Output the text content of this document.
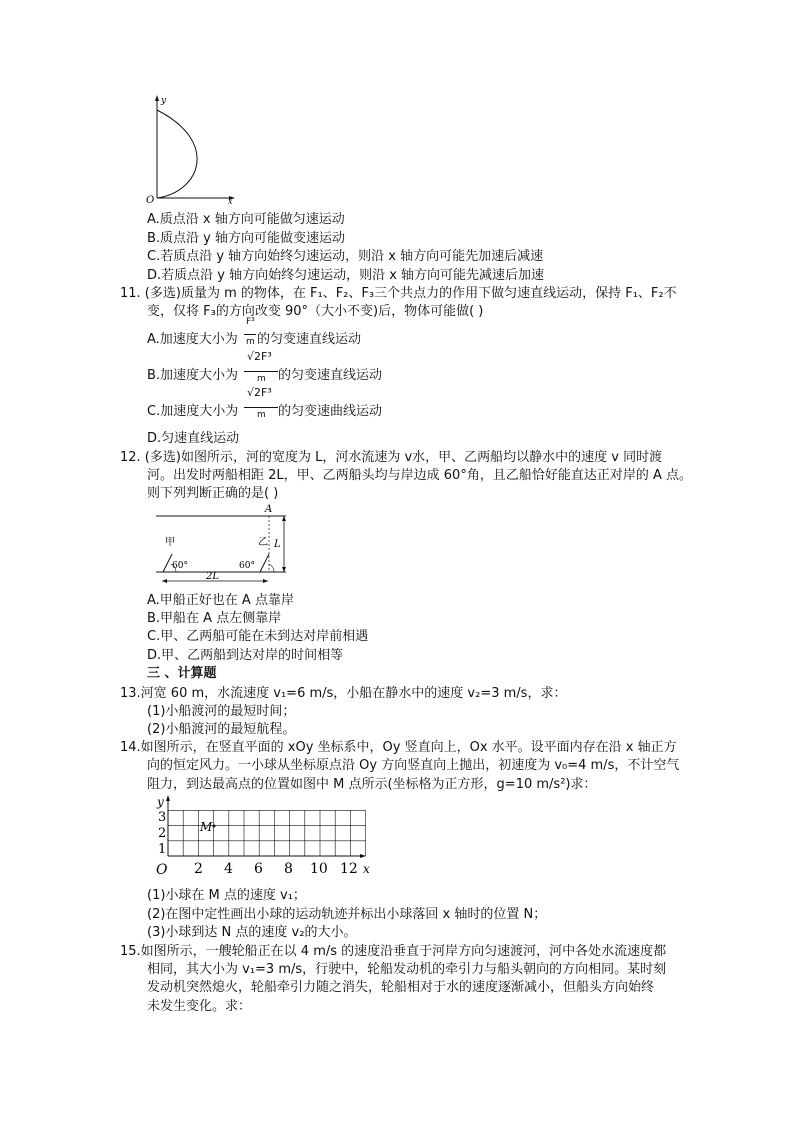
y
x
O
A.质点沿 x 轴方向可能做匀速运动
B.质点沿 y 轴方向可能做变速运动
C.若质点沿 y 轴方向始终匀速运动，则沿 x 轴方向可能先加速后减速
D.若质点沿 y 轴方向始终匀速运动，则沿 x 轴方向可能先减速后加速
11. (多选)质量为 m 的物体，在 F₁、F₂、F₃三个共点力的作用下做匀速直线运动，保持 F₁、F₂不
变，仅将 F₃的方向改变 90°（大小不变)后，物体可能做( )
A.加速度大小为
F³
m 的匀变速直线运动
B.加速度大小为
√2F³
m 的匀变速直线运动
C.加速度大小为
√2F³
m 的匀变速曲线运动
D.匀速直线运动
12. (多选)如图所示，河的宽度为 L，河水流速为 v水，甲、乙两船均以静水中的速度 v 同时渡
河。出发时两船相距 2L，甲、乙两船头均与岸边成 60°角，且乙船恰好能直达正对岸的 A 点。
则下列判断正确的是( )
A
甲	乙
60°	60°
2L
L
A.甲船正好也在 A 点靠岸
B.甲船在 A 点左侧靠岸
C.甲、乙两船可能在未到达对岸前相遇
D.甲、乙两船到达对岸的时间相等
三 、计算题
13.河宽 60 m，水流速度 v₁=6 m/s，小船在静水中的速度 v₂=3 m/s，求：
(1)小船渡河的最短时间；
(2)小船渡河的最短航程。
14.如图所示，在竖直平面的 xOy 坐标系中，Oy 竖直向上，Ox 水平。设平面内存在沿 x 轴正方
向的恒定风力。一小球从坐标原点沿 Oy 方向竖直向上抛出，初速度为 v₀=4 m/s，不计空气
阻力，到达最高点的位置如图中 M 点所示(坐标格为正方形，g=10 m/s²)求：
y
x
O
M
3
2
1
2 4 6 8 10 12
(1)小球在 M 点的速度 v₁；
(2)在图中定性画出小球的运动轨迹并标出小球落回 x 轴时的位置 N；
(3)小球到达 N 点的速度 v₂的大小。
15.如图所示，一艘轮船正在以 4 m/s 的速度沿垂直于河岸方向匀速渡河，河中各处水流速度都
相同，其大小为 v₁=3 m/s，行驶中，轮船发动机的牵引力与船头朝向的方向相同。某时刻
发动机突然熄火，轮船牵引力随之消失，轮船相对于水的速度逐渐减小，但船头方向始终
未发生变化。求：
